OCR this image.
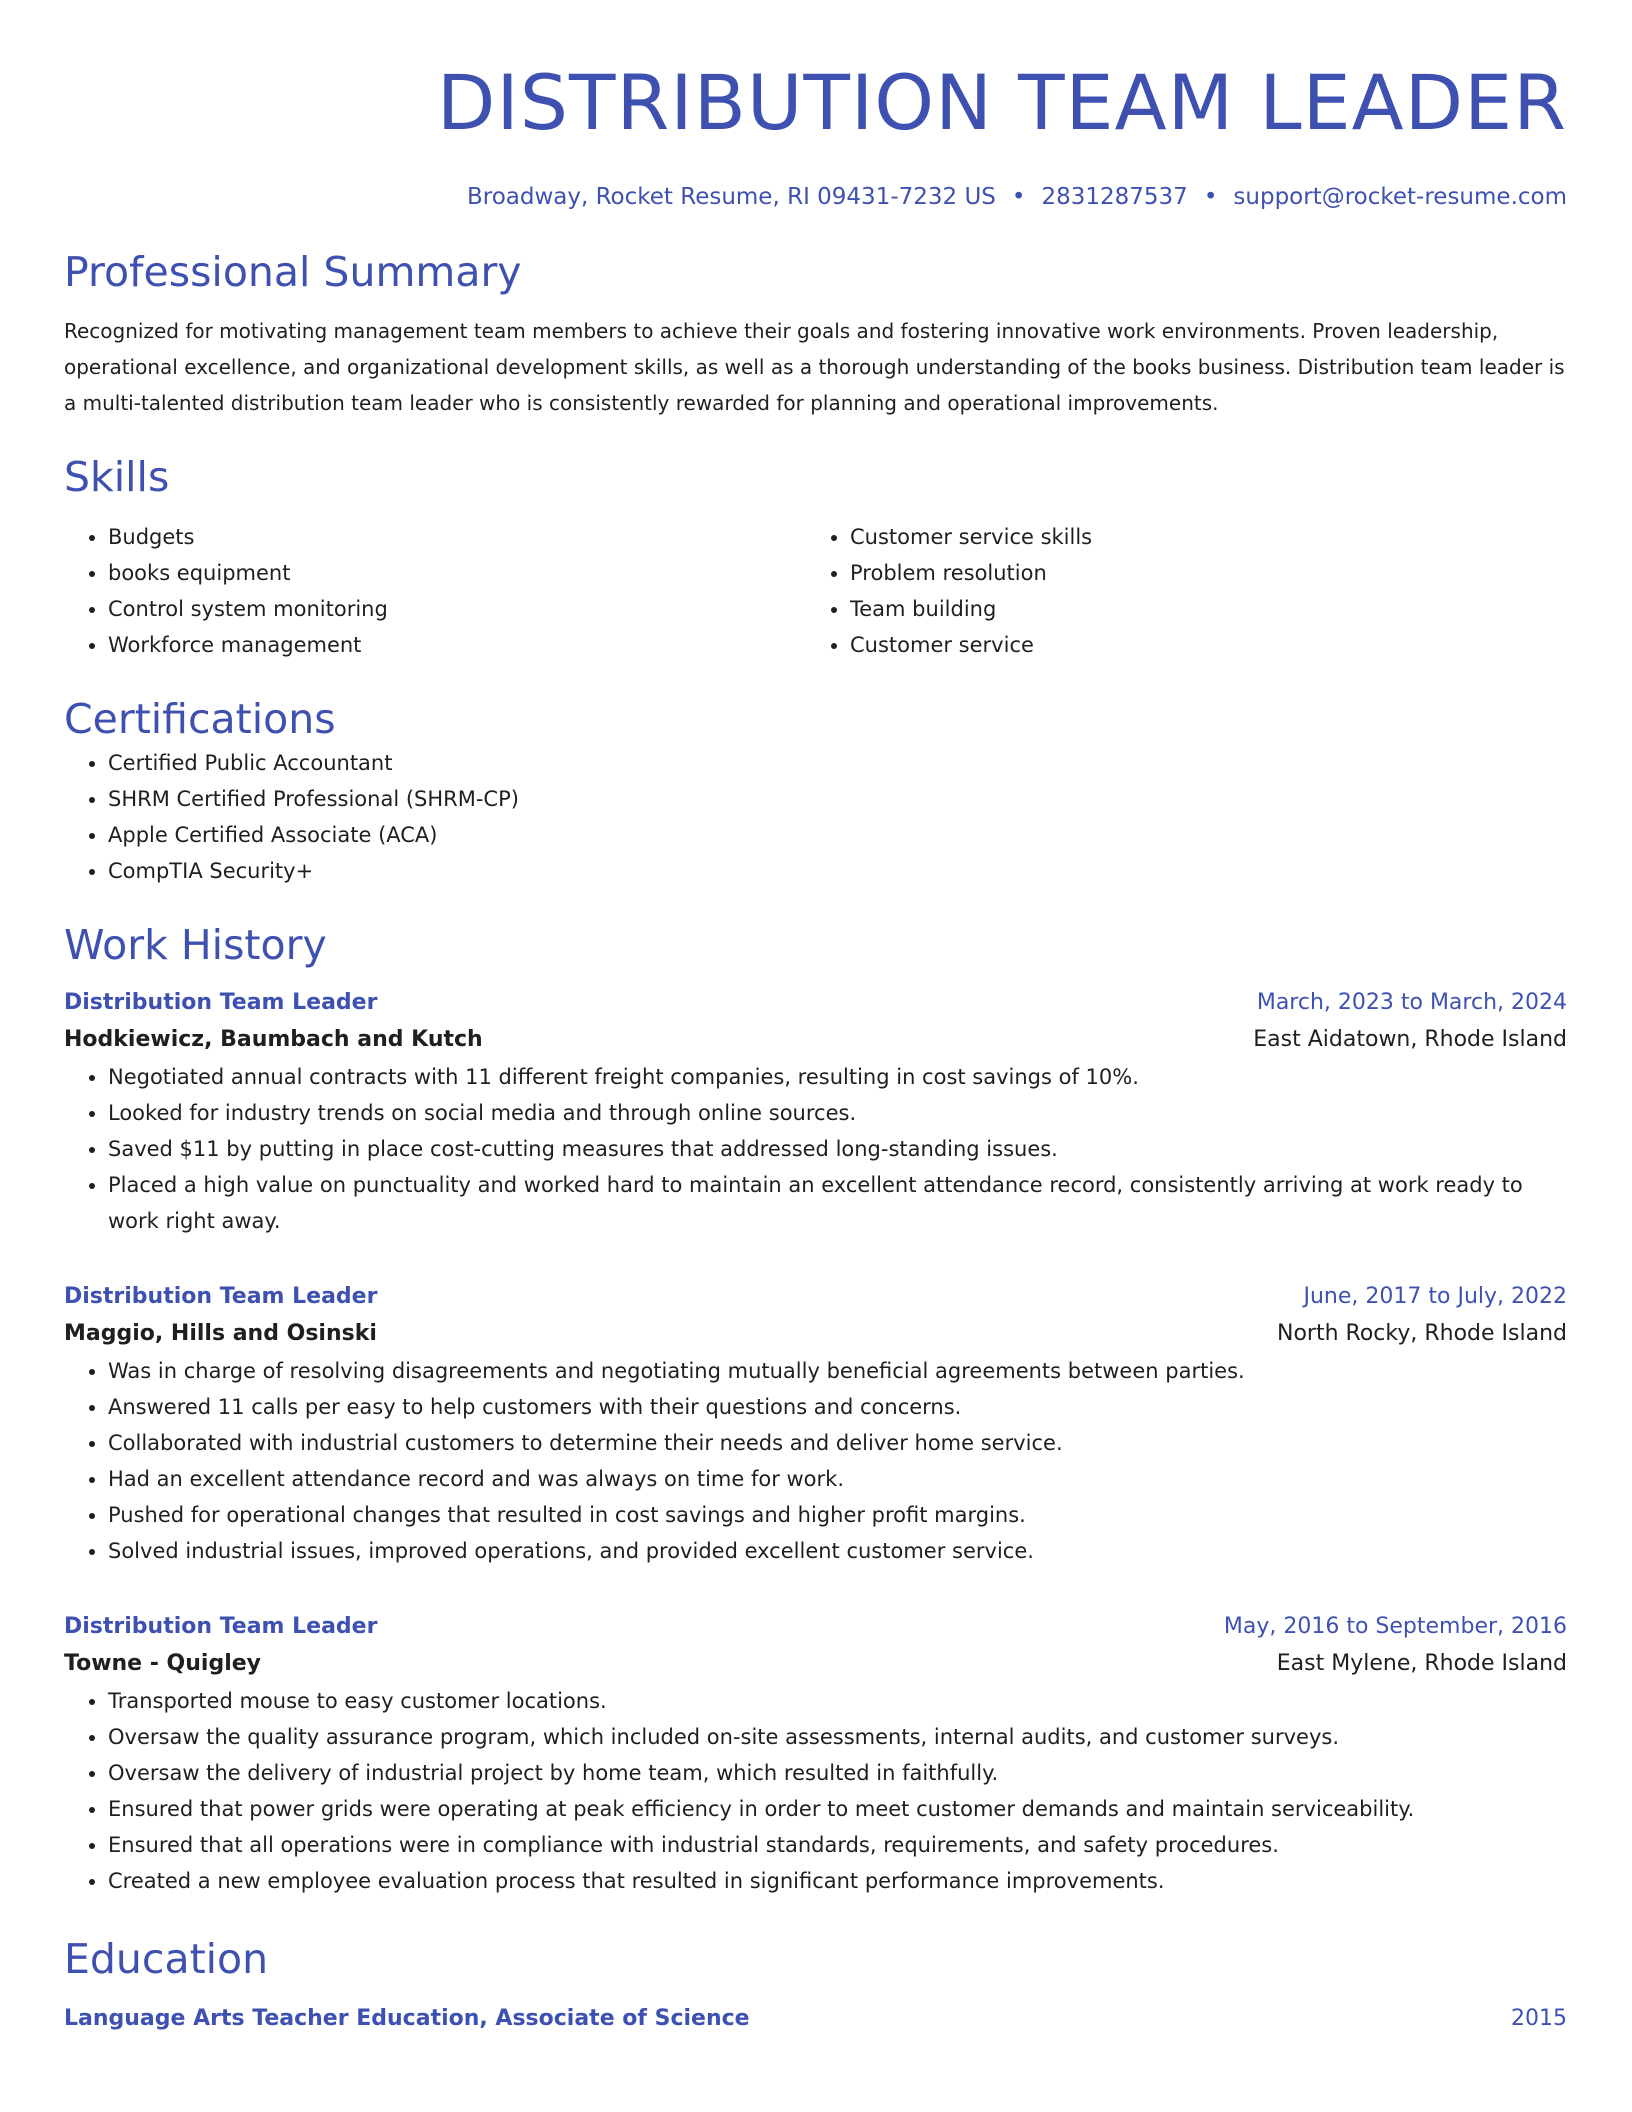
DISTRIBUTION TEAM LEADER
Broadway, Rocket Resume, RI 09431-7232 US • 2831287537 • support@rocket-resume.com
Professional Summary

Recognized for motivating management team members to achieve their goals and fostering innovative work environments. Proven leadership, operational excellence, and organizational development skills, as well as a thorough understanding of the books business. Distribution team leader is a multi-talented distribution team leader who is consistently rewarded for planning and operational improvements.

Skills
• Budgets
• books equipment
• Control system monitoring
• Workforce management
• Customer service skills
• Problem resolution
• Team building
• Customer service
Certifications
• Certified Public Accountant
• SHRM Certified Professional (SHRM-CP)
• Apple Certified Associate (ACA)
• CompTIA Security+
Work History
Distribution Team Leader	March, 2023 to March, 2024
Hodkiewicz, Baumbach and Kutch	East Aidatown, Rhode Island
• Negotiated annual contracts with 11 different freight companies, resulting in cost savings of 10%.
• Looked for industry trends on social media and through online sources.
• Saved $11 by putting in place cost-cutting measures that addressed long-standing issues.
• Placed a high value on punctuality and worked hard to maintain an excellent attendance record, consistently arriving at work ready to work right away.
Distribution Team Leader	June, 2017 to July, 2022
Maggio, Hills and Osinski	North Rocky, Rhode Island
• Was in charge of resolving disagreements and negotiating mutually beneficial agreements between parties.
• Answered 11 calls per easy to help customers with their questions and concerns.
• Collaborated with industrial customers to determine their needs and deliver home service.
• Had an excellent attendance record and was always on time for work.
• Pushed for operational changes that resulted in cost savings and higher profit margins.
• Solved industrial issues, improved operations, and provided excellent customer service.
Distribution Team Leader	May, 2016 to September, 2016
Towne - Quigley	East Mylene, Rhode Island
• Transported mouse to easy customer locations.
• Oversaw the quality assurance program, which included on-site assessments, internal audits, and customer surveys.
• Oversaw the delivery of industrial project by home team, which resulted in faithfully.
• Ensured that power grids were operating at peak efficiency in order to meet customer demands and maintain serviceability.
• Ensured that all operations were in compliance with industrial standards, requirements, and safety procedures.
• Created a new employee evaluation process that resulted in significant performance improvements.
Education
Language Arts Teacher Education, Associate of Science	2015
